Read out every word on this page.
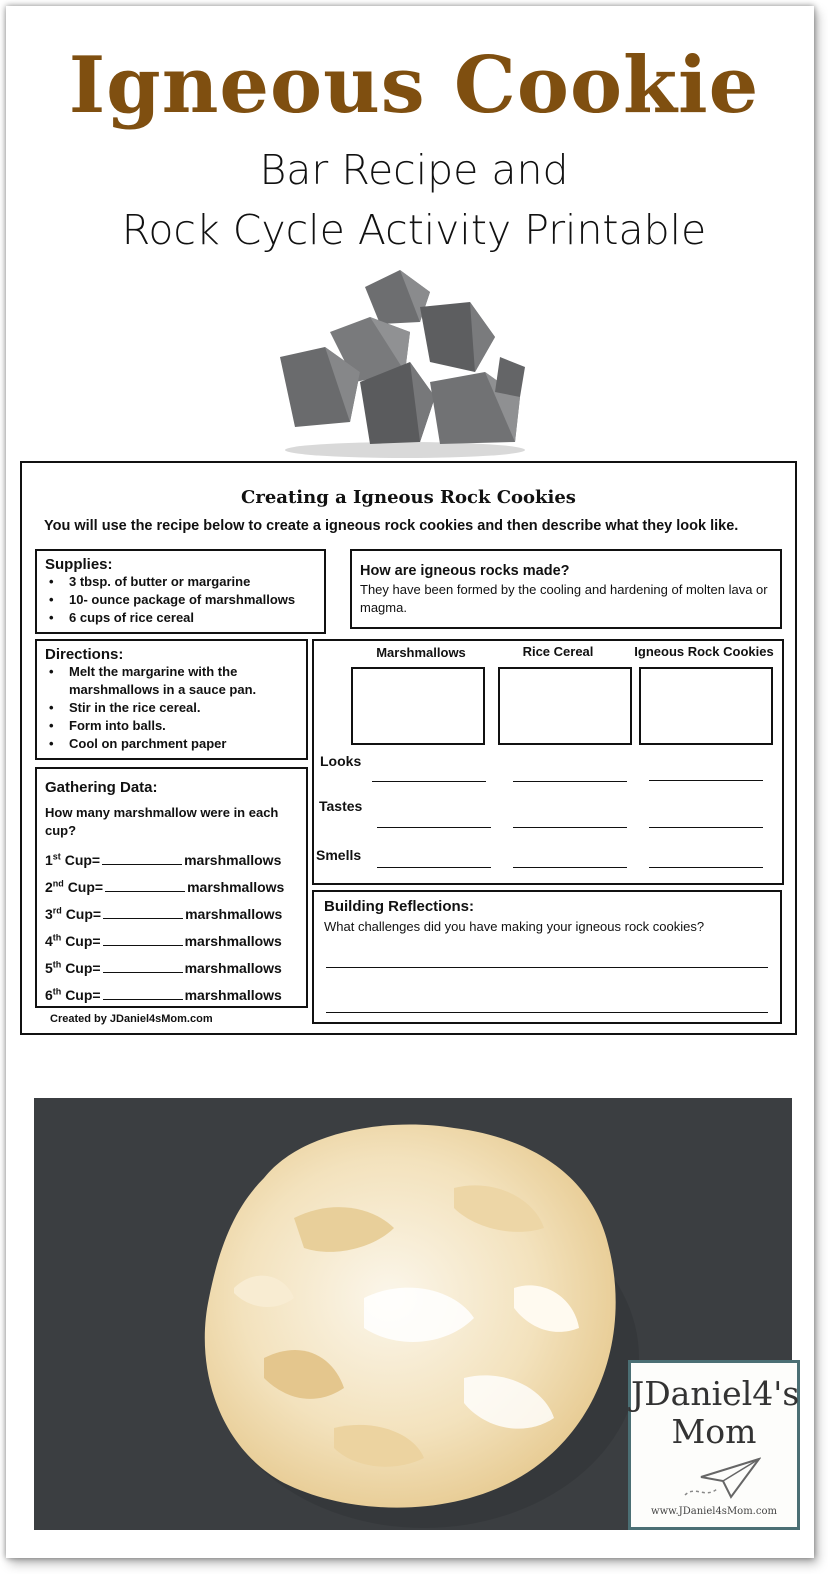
Igneous Cookie
Bar Recipe and
Rock Cycle Activity Printable
Creating a Igneous Rock Cookies
You will use the recipe below to create a igneous rock cookies and then describe what they look like.
Supplies:
• 3 tbsp. of butter or margarine
• 10- ounce package of marshmallows
• 6 cups of rice cereal
How are igneous rocks made?
They have been formed by the cooling and hardening of molten lava or magma.
Directions:
• Melt the margarine with the marshmallows in a sauce pan.
• Stir in the rice cereal.
• Form into balls.
• Cool on parchment paper
Gathering Data:
How many marshmallow were in each cup?
1st Cup=	marshmallows
2nd Cup=	marshmallows
3rd Cup=	marshmallows
4th Cup=	marshmallows
5th Cup=	marshmallows
6th Cup=	marshmallows
Marshmallows	Rice Cereal	Igneous Rock Cookies
Looks
Tastes
Smells
Building Reflections:
What challenges did you have making your igneous rock cookies?
Created by JDaniel4sMom.com
JDaniel4's
Mom
www.JDaniel4sMom.com
